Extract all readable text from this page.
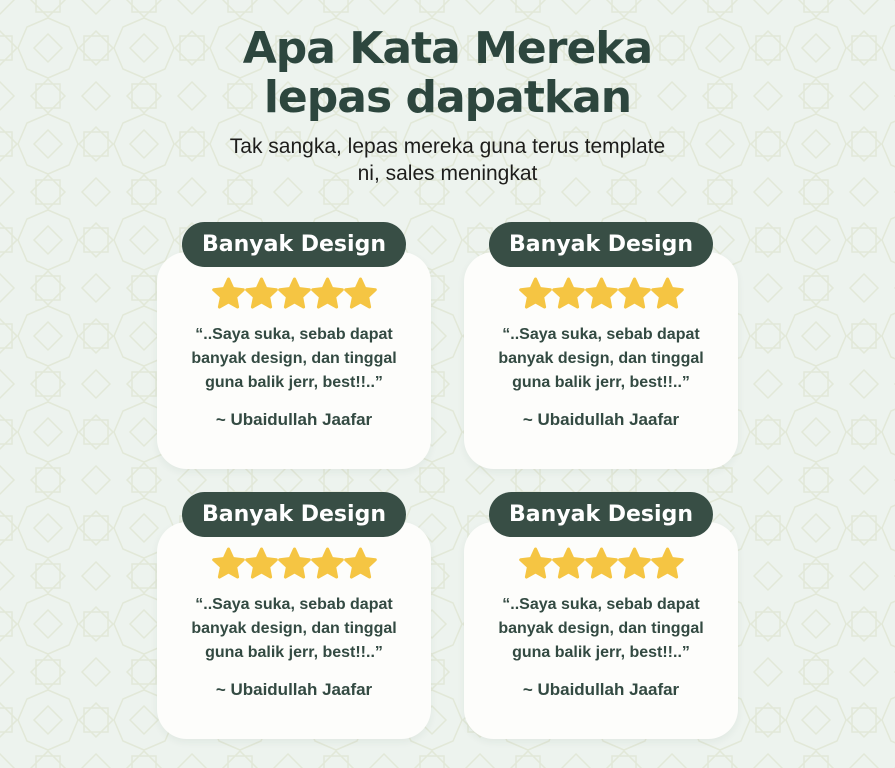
Apa Kata Mereka
lepas dapatkan

Tak sangka, lepas mereka guna terus template
ni, sales meningkat

Banyak Design

“..Saya suka, sebab dapat banyak design, dan tinggal guna balik jerr, best!!..”

~ Ubaidullah Jaafar

Banyak Design

“..Saya suka, sebab dapat banyak design, dan tinggal guna balik jerr, best!!..”

~ Ubaidullah Jaafar

Banyak Design

“..Saya suka, sebab dapat banyak design, dan tinggal guna balik jerr, best!!..”

~ Ubaidullah Jaafar

Banyak Design

“..Saya suka, sebab dapat banyak design, dan tinggal guna balik jerr, best!!..”

~ Ubaidullah Jaafar
